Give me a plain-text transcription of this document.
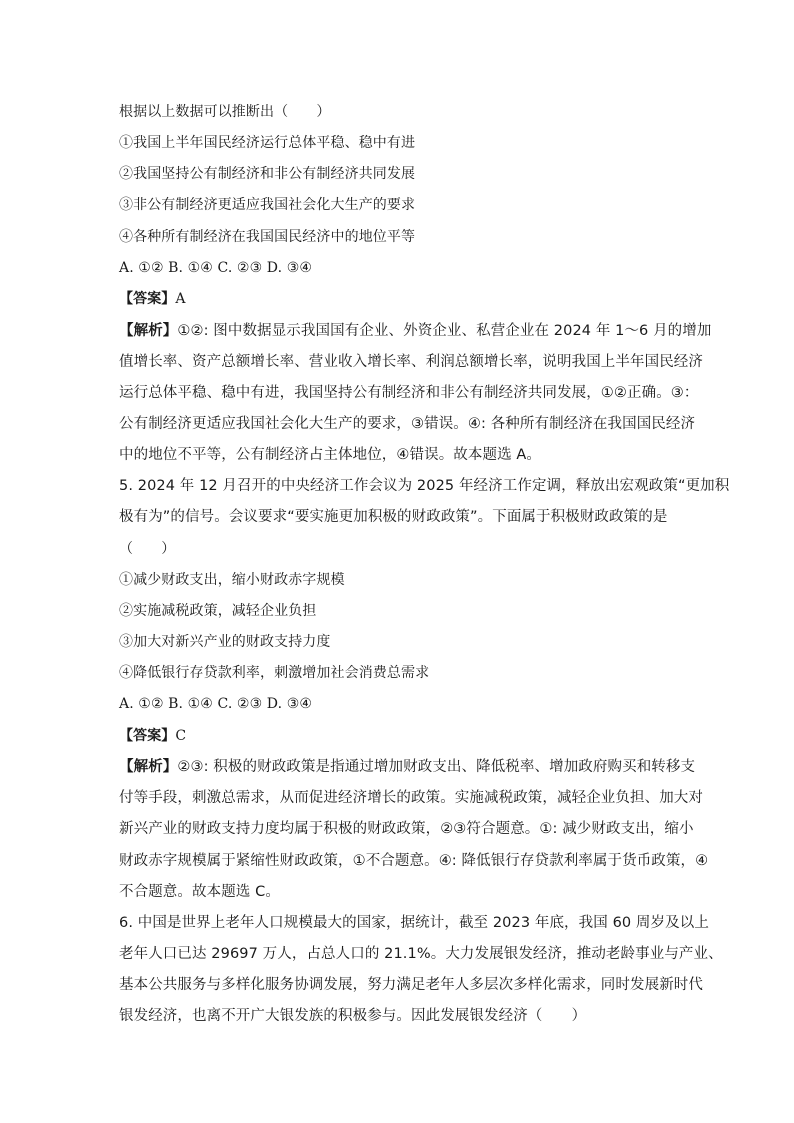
根据以上数据可以推断出（　　）
①我国上半年国民经济运行总体平稳、稳中有进
②我国坚持公有制经济和非公有制经济共同发展
③非公有制经济更适应我国社会化大生产的要求
④各种所有制经济在我国国民经济中的地位平等
A. ①② B. ①④ C. ②③ D. ③④
【答案】A
【解析】①②: 图中数据显示我国国有企业、外资企业、私营企业在 2024 年 1～6 月的增加
值增长率、资产总额增长率、营业收入增长率、利润总额增长率，说明我国上半年国民经济
运行总体平稳、稳中有进，我国坚持公有制经济和非公有制经济共同发展，①②正确。③：
公有制经济更适应我国社会化大生产的要求，③错误。④: 各种所有制经济在我国国民经济
中的地位不平等，公有制经济占主体地位，④错误。故本题选 A。
5. 2024 年 12 月召开的中央经济工作会议为 2025 年经济工作定调，释放出宏观政策“更加积
极有为”的信号。会议要求“要实施更加积极的财政政策”。下面属于积极财政政策的是
（　　）
①减少财政支出，缩小财政赤字规模
②实施减税政策，减轻企业负担
③加大对新兴产业的财政支持力度
④降低银行存贷款利率，刺激增加社会消费总需求
A. ①② B. ①④ C. ②③ D. ③④
【答案】C
【解析】②③: 积极的财政政策是指通过增加财政支出、降低税率、增加政府购买和转移支
付等手段，刺激总需求，从而促进经济增长的政策。实施减税政策，减轻企业负担、加大对
新兴产业的财政支持力度均属于积极的财政政策，②③符合题意。①: 减少财政支出，缩小
财政赤字规模属于紧缩性财政政策，①不合题意。④: 降低银行存贷款利率属于货币政策，④
不合题意。故本题选 C。
6. 中国是世界上老年人口规模最大的国家，据统计，截至 2023 年底，我国 60 周岁及以上
老年人口已达 29697 万人，占总人口的 21.1%。大力发展银发经济，推动老龄事业与产业、
基本公共服务与多样化服务协调发展，努力满足老年人多层次多样化需求，同时发展新时代
银发经济，也离不开广大银发族的积极参与。因此发展银发经济（　　）
